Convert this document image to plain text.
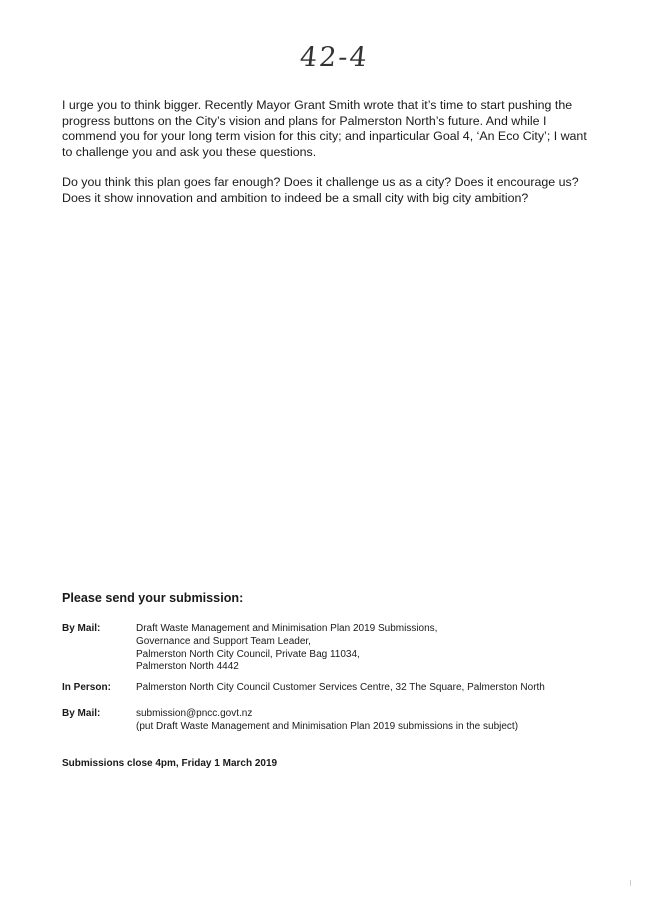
42-4

I urge you to think bigger. Recently Mayor Grant Smith wrote that it’s time to start pushing the progress buttons on the City’s vision and plans for Palmerston North’s future. And while I commend you for your long term vision for this city; and inparticular Goal 4, ‘An Eco City’; I want to challenge you and ask you these questions.

Do you think this plan goes far enough? Does it challenge us as a city? Does it encourage us? Does it show innovation and ambition to indeed be a small city with big city ambition?

Please send your submission:
By Mail:	Draft Waste Management and Minimisation Plan 2019 Submissions,
Governance and Support Team Leader,
Palmerston North City Council, Private Bag 11034,
Palmerston North 4442
In Person:	Palmerston North City Council Customer Services Centre, 32 The Square, Palmerston North
By Mail:	submission@pncc.govt.nz
(put Draft Waste Management and Minimisation Plan 2019 submissions in the subject)
Submissions close 4pm, Friday 1 March 2019
